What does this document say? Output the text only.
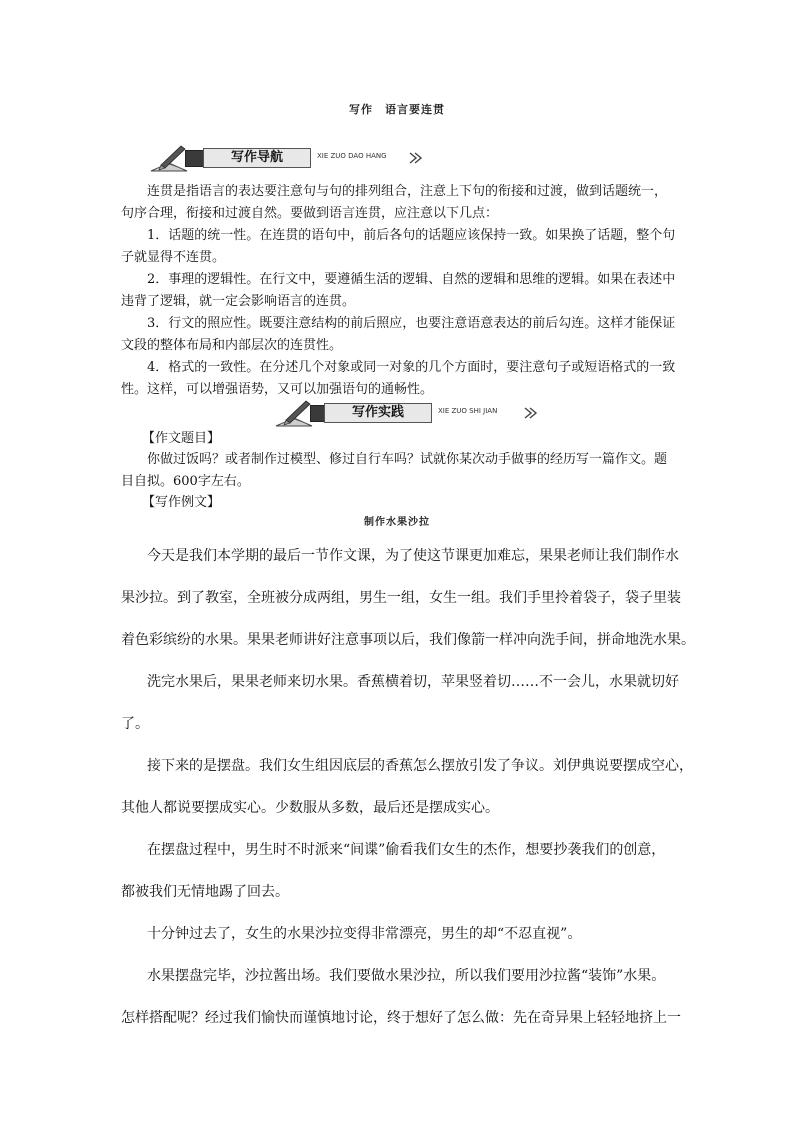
写作　语言要连贯
写作导航	XIE ZUO DAO HANG
连贯是指语言的表达要注意句与句的排列组合，注意上下句的衔接和过渡，做到话题统一，句序合理，衔接和过渡自然。要做到语言连贯，应注意以下几点：
1．话题的统一性。在连贯的语句中，前后各句的话题应该保持一致。如果换了话题，整个句子就显得不连贯。
2．事理的逻辑性。在行文中，要遵循生活的逻辑、自然的逻辑和思维的逻辑。如果在表述中违背了逻辑，就一定会影响语言的连贯。
3．行文的照应性。既要注意结构的前后照应，也要注意语意表达的前后勾连。这样才能保证文段的整体布局和内部层次的连贯性。
4．格式的一致性。在分述几个对象或同一对象的几个方面时，要注意句子或短语格式的一致性。这样，可以增强语势，又可以加强语句的通畅性。
写作实践	XIE ZUO SHI JIAN
【作文题目】
你做过饭吗？或者制作过模型、修过自行车吗？试就你某次动手做事的经历写一篇作文。题目自拟。600字左右。
【写作例文】
制作水果沙拉
今天是我们本学期的最后一节作文课，为了使这节课更加难忘，果果老师让我们制作水
果沙拉。到了教室，全班被分成两组，男生一组，女生一组。我们手里拎着袋子，袋子里装
着色彩缤纷的水果。果果老师讲好注意事项以后，我们像箭一样冲向洗手间，拼命地洗水果。
洗完水果后，果果老师来切水果。香蕉横着切，苹果竖着切……不一会儿，水果就切好
了。
接下来的是摆盘。我们女生组因底层的香蕉怎么摆放引发了争议。刘伊典说要摆成空心，
其他人都说要摆成实心。少数服从多数，最后还是摆成实心。
在摆盘过程中，男生时不时派来“间谍”偷看我们女生的杰作，想要抄袭我们的创意，
都被我们无情地踢了回去。
十分钟过去了，女生的水果沙拉变得非常漂亮，男生的却“不忍直视”。
水果摆盘完毕，沙拉酱出场。我们要做水果沙拉，所以我们要用沙拉酱“装饰”水果。
怎样搭配呢？经过我们愉快而谨慎地讨论，终于想好了怎么做：先在奇异果上轻轻地挤上一
